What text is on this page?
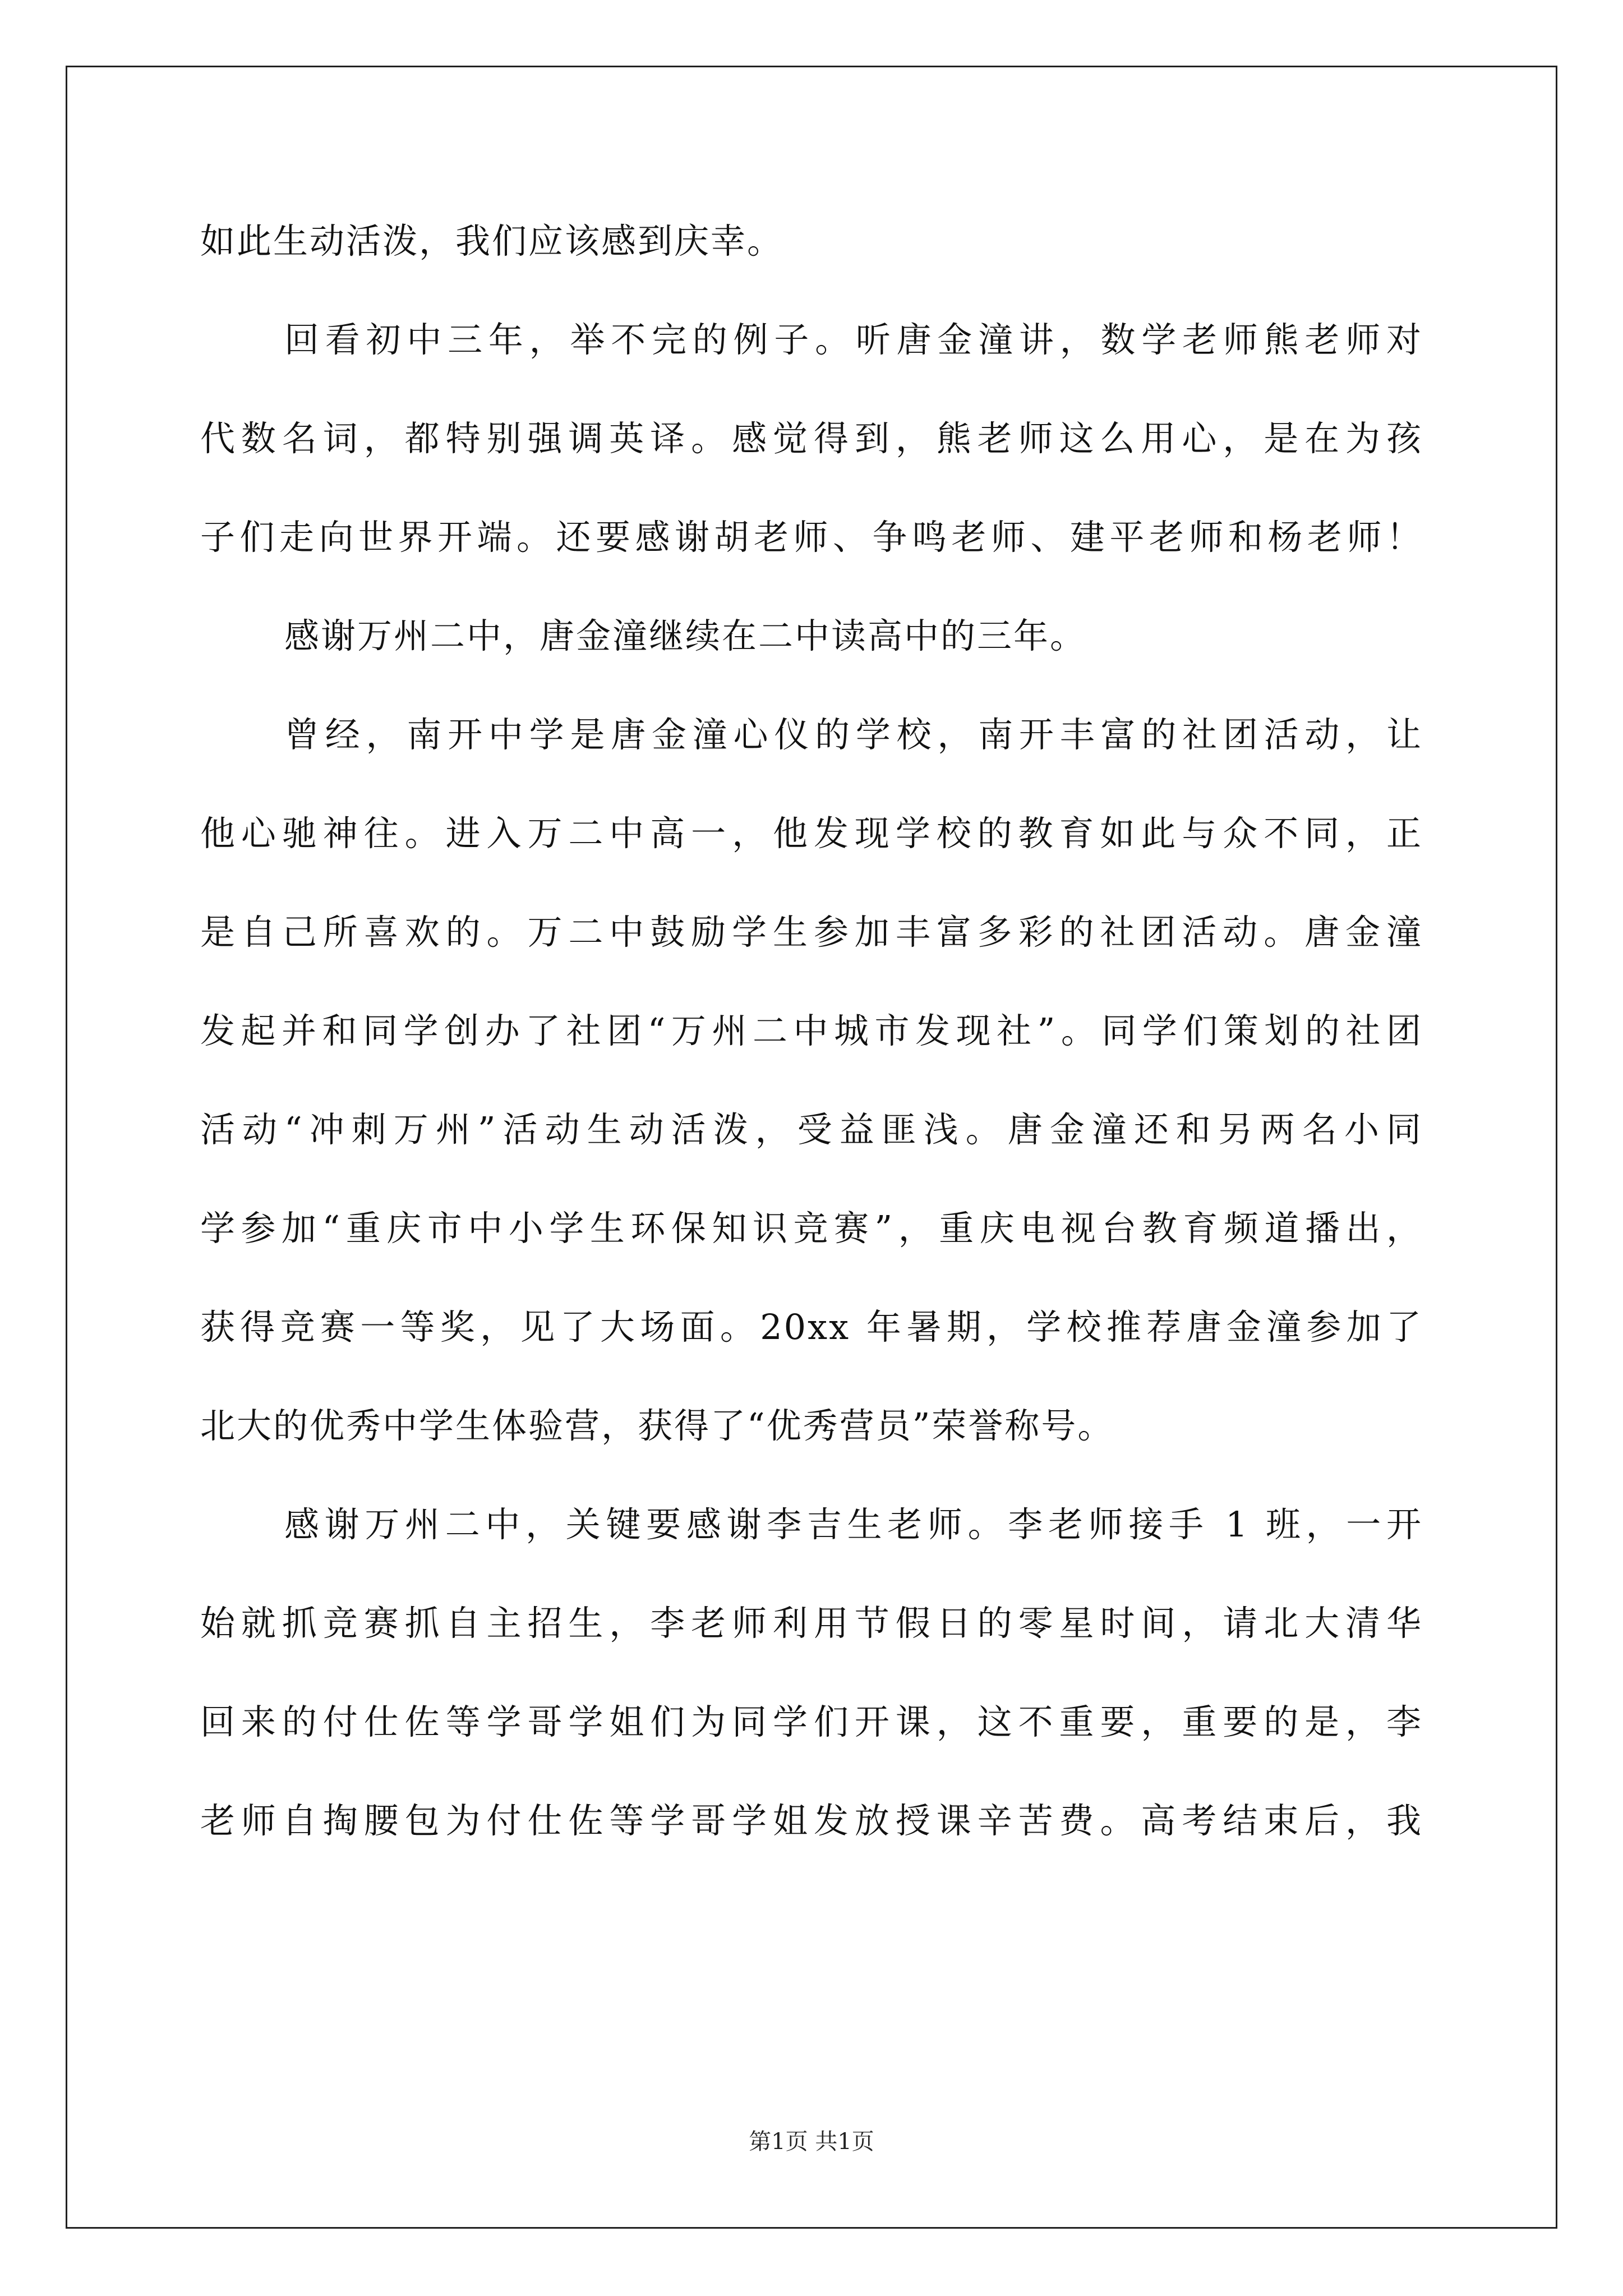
如此生动活泼，我们应该感到庆幸。
回看初中三年，举不完的例子。听唐金潼讲，数学老师熊老师对
代数名词，都特别强调英译。感觉得到，熊老师这么用心，是在为孩
子们走向世界开端。还要感谢胡老师、争鸣老师、建平老师和杨老师！
感谢万州二中，唐金潼继续在二中读高中的三年。
曾经，南开中学是唐金潼心仪的学校，南开丰富的社团活动，让
他心驰神往。进入万二中高一，他发现学校的教育如此与众不同，正
是自己所喜欢的。万二中鼓励学生参加丰富多彩的社团活动。唐金潼
发起并和同学创办了社团“万州二中城市发现社”。同学们策划的社团
活动“冲刺万州”活动生动活泼，受益匪浅。唐金潼还和另两名小同
学参加“重庆市中小学生环保知识竞赛”，重庆电视台教育频道播出，
获得竞赛一等奖，见了大场面。20xx 年暑期，学校推荐唐金潼参加了
北大的优秀中学生体验营，获得了“优秀营员”荣誉称号。
感谢万州二中，关键要感谢李吉生老师。李老师接手 1 班，一开
始就抓竞赛抓自主招生，李老师利用节假日的零星时间，请北大清华
回来的付仕佐等学哥学姐们为同学们开课，这不重要，重要的是，李
老师自掏腰包为付仕佐等学哥学姐发放授课辛苦费。高考结束后，我
第1页 共1页
